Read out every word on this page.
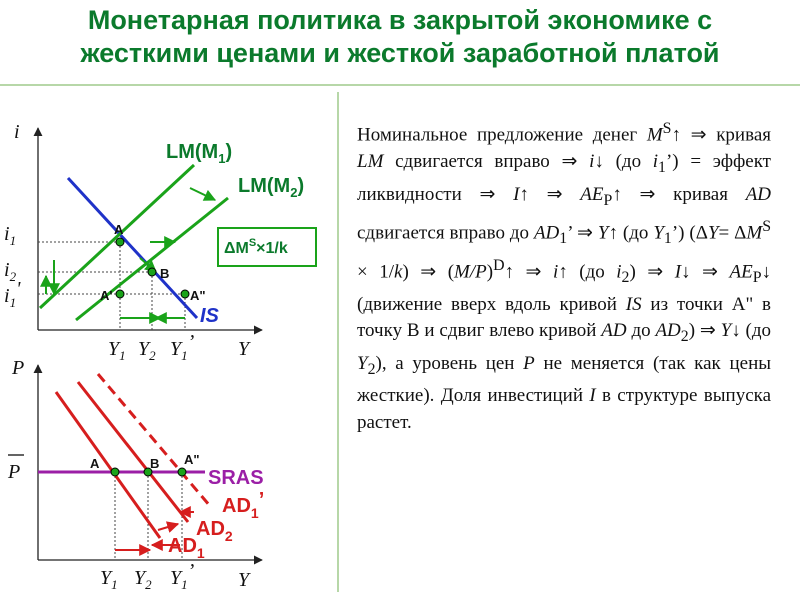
Монетарная политика в закрытой экономике с
жесткими ценами и жесткой заработной платой
i
Y
$i_1$
$i_2$
$i_1'$
$Y_1$ $Y_2$ $Y_1$’
A
B
A'	A"
$LM(M_1)$
$LM(M_2)$
IS
$\Delta M^S\times 1/k$
P
Y
P
$Y_1$ $Y_2$ $Y_1$’
A	B A"
SRAS
$AD_1$’
$AD_2$
$AD_1$
Номинальное предложение денег $M^S↑$ ⇒ кривая LM сдвигается вправо ⇒ i↓ (до $i_1$’) = эффект ликвидности ⇒ I↑ ⇒ $AE_P↑$ ⇒ кривая AD сдвигается вправо до $AD_1$’ ⇒ Y↑ (до $Y_1$’) $(\Delta Y= \Delta M^S \times 1/k)$ ⇒ $(M/P)^D↑$ ⇒ i↑ (до $i_2$) ⇒ I↓ ⇒ $AE_P↓$ (движение вверх вдоль кривой IS из точки А" в точку В и сдвиг влево кривой AD до $AD_2$) ⇒ Y↓ (до $Y_2$), а уровень цен P не меняется (так как цены жесткие). Доля инвестиций I в структуре выпуска растет.
